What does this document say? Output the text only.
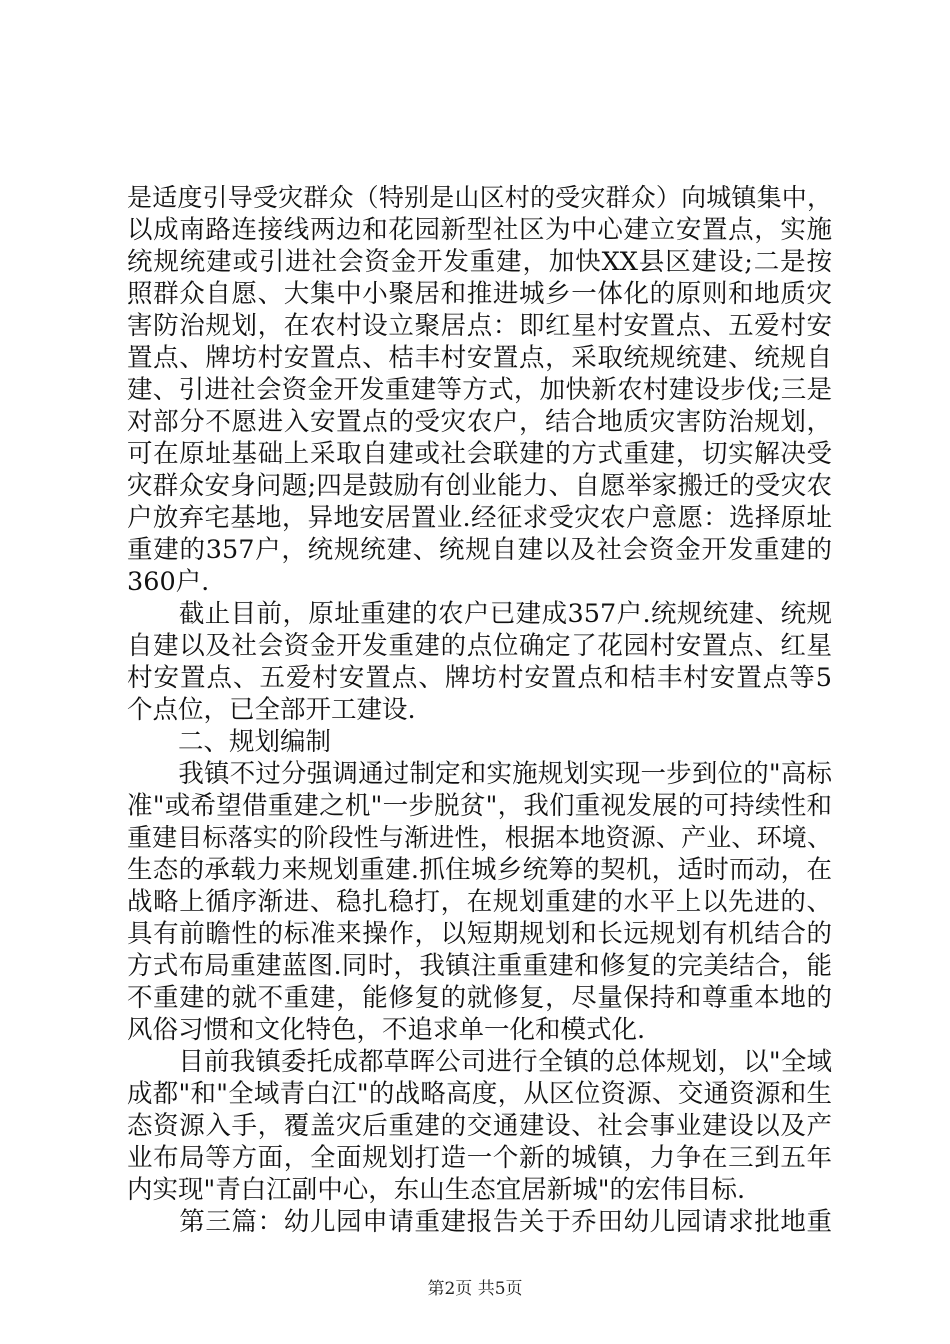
是适度引导受灾群众（特别是山区村的受灾群众）向城镇集中，
以成南路连接线两边和花园新型社区为中心建立安置点，实施
统规统建或引进社会资金开发重建，加快XX县区建设;二是按
照群众自愿、大集中小聚居和推进城乡一体化的原则和地质灾
害防治规划，在农村设立聚居点：即红星村安置点、五爱村安
置点、牌坊村安置点、桔丰村安置点，采取统规统建、统规自
建、引进社会资金开发重建等方式，加快新农村建设步伐;三是
对部分不愿进入安置点的受灾农户，结合地质灾害防治规划，
可在原址基础上采取自建或社会联建的方式重建，切实解决受
灾群众安身问题;四是鼓励有创业能力、自愿举家搬迁的受灾农
户放弃宅基地，异地安居置业.经征求受灾农户意愿：选择原址
重建的357户，统规统建、统规自建以及社会资金开发重建的
360户.
　　截止目前，原址重建的农户已建成357户.统规统建、统规
自建以及社会资金开发重建的点位确定了花园村安置点、红星
村安置点、五爱村安置点、牌坊村安置点和桔丰村安置点等5
个点位，已全部开工建设.
　　二、规划编制
　　我镇不过分强调通过制定和实施规划实现一步到位的"高标
准"或希望借重建之机"一步脱贫"，我们重视发展的可持续性和
重建目标落实的阶段性与渐进性，根据本地资源、产业、环境、
生态的承载力来规划重建.抓住城乡统筹的契机，适时而动，在
战略上循序渐进、稳扎稳打，在规划重建的水平上以先进的、
具有前瞻性的标准来操作，以短期规划和长远规划有机结合的
方式布局重建蓝图.同时，我镇注重重建和修复的完美结合，能
不重建的就不重建，能修复的就修复，尽量保持和尊重本地的
风俗习惯和文化特色，不追求单一化和模式化.
　　目前我镇委托成都草晖公司进行全镇的总体规划，以"全域
成都"和"全域青白江"的战略高度，从区位资源、交通资源和生
态资源入手，覆盖灾后重建的交通建设、社会事业建设以及产
业布局等方面，全面规划打造一个新的城镇，力争在三到五年
内实现"青白江副中心，东山生态宜居新城"的宏伟目标.
　　第三篇：幼儿园申请重建报告关于乔田幼儿园请求批地重
第2页 共5页
